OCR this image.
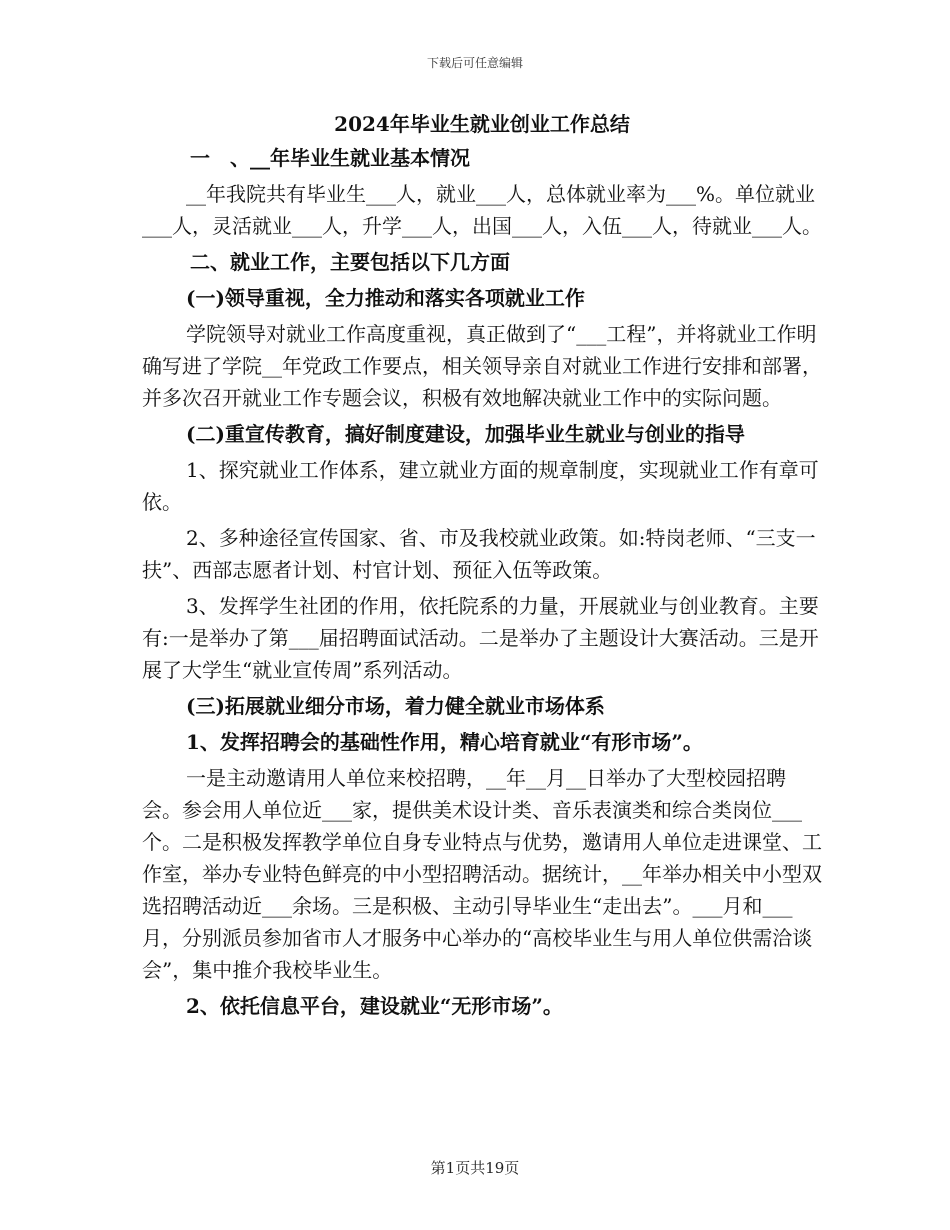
下载后可任意编辑
2024年毕业生就业创业工作总结
一　、__年毕业生就业基本情况
__年我院共有毕业生___人，就业___人，总体就业率为___%。单位就业___人，灵活就业___人，升学___人，出国___人，入伍___人，待就业___人。
二、就业工作，主要包括以下几方面
(一)领导重视，全力推动和落实各项就业工作
学院领导对就业工作高度重视，真正做到了“___工程”，并将就业工作明确写进了学院__年党政工作要点，相关领导亲自对就业工作进行安排和部署，并多次召开就业工作专题会议，积极有效地解决就业工作中的实际问题。
(二)重宣传教育，搞好制度建设，加强毕业生就业与创业的指导
1、探究就业工作体系，建立就业方面的规章制度，实现就业工作有章可依。
2、多种途径宣传国家、省、市及我校就业政策。如:特岗老师、“三支一扶”、西部志愿者计划、村官计划、预征入伍等政策。
3、发挥学生社团的作用，依托院系的力量，开展就业与创业教育。主要有:一是举办了第___届招聘面试活动。二是举办了主题设计大赛活动。三是开展了大学生“就业宣传周”系列活动。
(三)拓展就业细分市场，着力健全就业市场体系
1、发挥招聘会的基础性作用，精心培育就业“有形市场”。
一是主动邀请用人单位来校招聘，__年__月__日举办了大型校园招聘会。参会用人单位近___家，提供美术设计类、音乐表演类和综合类岗位___个。二是积极发挥教学单位自身专业特点与优势，邀请用人单位走进课堂、工作室，举办专业特色鲜亮的中小型招聘活动。据统计，__年举办相关中小型双选招聘活动近___余场。三是积极、主动引导毕业生“走出去”。___月和___月，分别派员参加省市人才服务中心举办的“高校毕业生与用人单位供需洽谈会”，集中推介我校毕业生。
2、依托信息平台，建设就业“无形市场”。
第1页共19页
